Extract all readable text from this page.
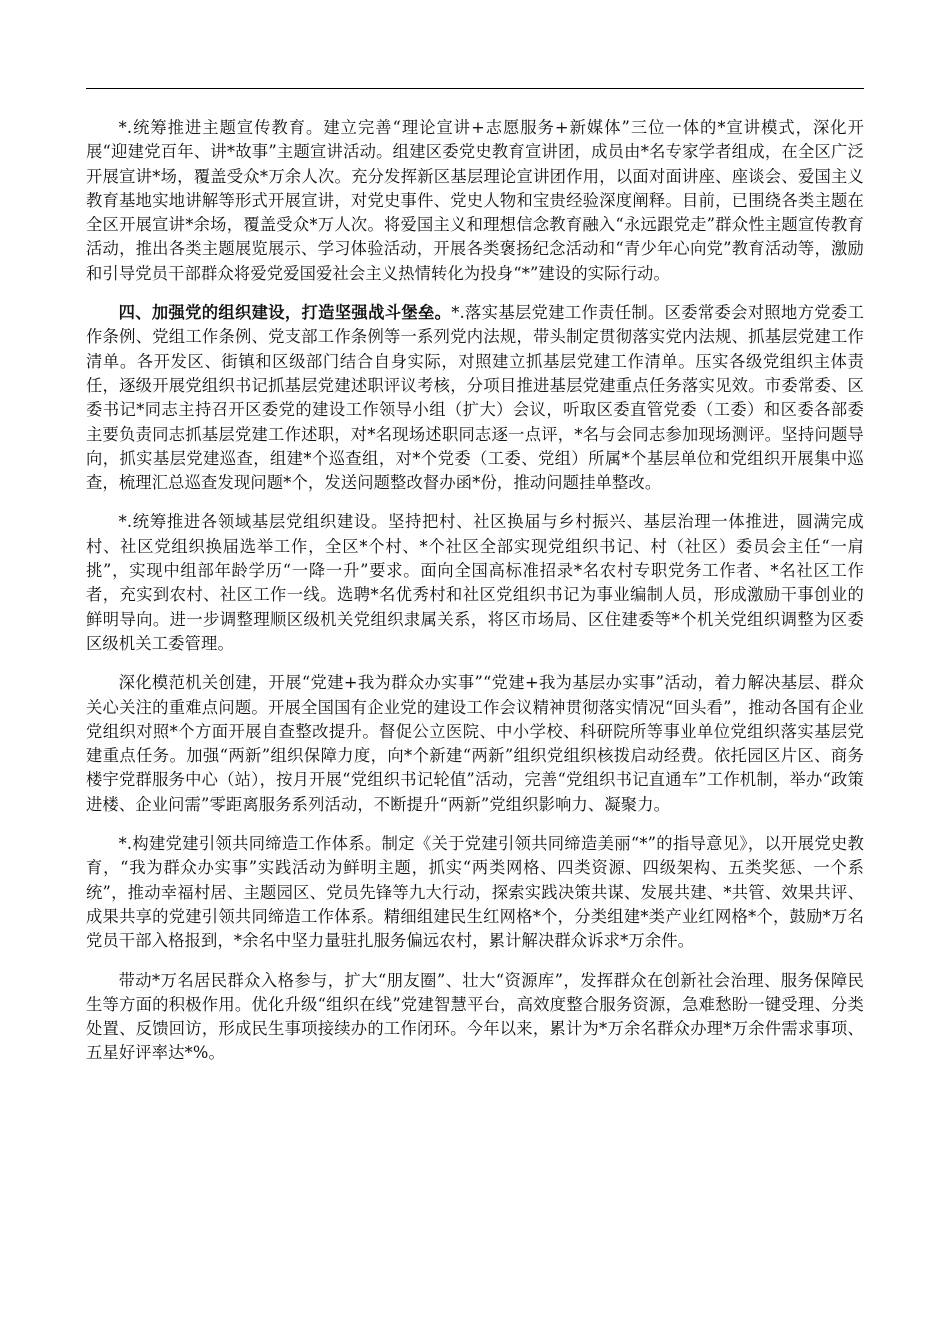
*.统筹推进主题宣传教育。建立完善“理论宣讲+志愿服务+新媒体”三位一体的*宣讲模式，深化开展“迎建党百年、讲*故事”主题宣讲活动。组建区委党史教育宣讲团，成员由*名专家学者组成，在全区广泛开展宣讲*场，覆盖受众*万余人次。充分发挥新区基层理论宣讲团作用，以面对面讲座、座谈会、爱国主义教育基地实地讲解等形式开展宣讲，对党史事件、党史人物和宝贵经验深度阐释。目前，已围绕各类主题在全区开展宣讲*余场，覆盖受众*万人次。将爱国主义和理想信念教育融入“永远跟党走”群众性主题宣传教育活动，推出各类主题展览展示、学习体验活动，开展各类褒扬纪念活动和“青少年心向党”教育活动等，激励和引导党员干部群众将爱党爱国爱社会主义热情转化为投身“*”建设的实际行动。

四、加强党的组织建设，打造坚强战斗堡垒。*.落实基层党建工作责任制。区委常委会对照地方党委工作条例、党组工作条例、党支部工作条例等一系列党内法规，带头制定贯彻落实党内法规、抓基层党建工作清单。各开发区、街镇和区级部门结合自身实际，对照建立抓基层党建工作清单。压实各级党组织主体责任，逐级开展党组织书记抓基层党建述职评议考核，分项目推进基层党建重点任务落实见效。市委常委、区委书记*同志主持召开区委党的建设工作领导小组（扩大）会议，听取区委直管党委（工委）和区委各部委主要负责同志抓基层党建工作述职，对*名现场述职同志逐一点评，*名与会同志参加现场测评。坚持问题导向，抓实基层党建巡查，组建*个巡查组，对*个党委（工委、党组）所属*个基层单位和党组织开展集中巡查，梳理汇总巡查发现问题*个，发送问题整改督办函*份，推动问题挂单整改。

*.统筹推进各领域基层党组织建设。坚持把村、社区换届与乡村振兴、基层治理一体推进，圆满完成村、社区党组织换届选举工作，全区*个村、*个社区全部实现党组织书记、村（社区）委员会主任“一肩挑”，实现中组部年龄学历“一降一升”要求。面向全国高标准招录*名农村专职党务工作者、*名社区工作者，充实到农村、社区工作一线。选聘*名优秀村和社区党组织书记为事业编制人员，形成激励干事创业的鲜明导向。进一步调整理顺区级机关党组织隶属关系，将区市场局、区住建委等*个机关党组织调整为区委区级机关工委管理。

深化模范机关创建，开展“党建+我为群众办实事”“党建+我为基层办实事”活动，着力解决基层、群众关心关注的重难点问题。开展全国国有企业党的建设工作会议精神贯彻落实情况“回头看”，推动各国有企业党组织对照*个方面开展自查整改提升。督促公立医院、中小学校、科研院所等事业单位党组织落实基层党建重点任务。加强“两新”组织保障力度，向*个新建“两新”组织党组织核拨启动经费。依托园区片区、商务楼宇党群服务中心（站），按月开展“党组织书记轮值”活动，完善“党组织书记直通车”工作机制，举办“政策进楼、企业问需”零距离服务系列活动，不断提升“两新”党组织影响力、凝聚力。

*.构建党建引领共同缔造工作体系。制定《关于党建引领共同缔造美丽“*”的指导意见》，以开展党史教育，“我为群众办实事”实践活动为鲜明主题，抓实“两类网格、四类资源、四级架构、五类奖惩、一个系统”，推动幸福村居、主题园区、党员先锋等九大行动，探索实践决策共谋、发展共建、*共管、效果共评、成果共享的党建引领共同缔造工作体系。精细组建民生红网格*个，分类组建*类产业红网格*个，鼓励*万名党员干部入格报到，*余名中坚力量驻扎服务偏远农村，累计解决群众诉求*万余件。

带动*万名居民群众入格参与，扩大“朋友圈”、壮大“资源库”，发挥群众在创新社会治理、服务保障民生等方面的积极作用。优化升级“组织在线”党建智慧平台，高效度整合服务资源，急难愁盼一键受理、分类处置、反馈回访，形成民生事项接续办的工作闭环。今年以来，累计为*万余名群众办理*万余件需求事项、五星好评率达*%。
